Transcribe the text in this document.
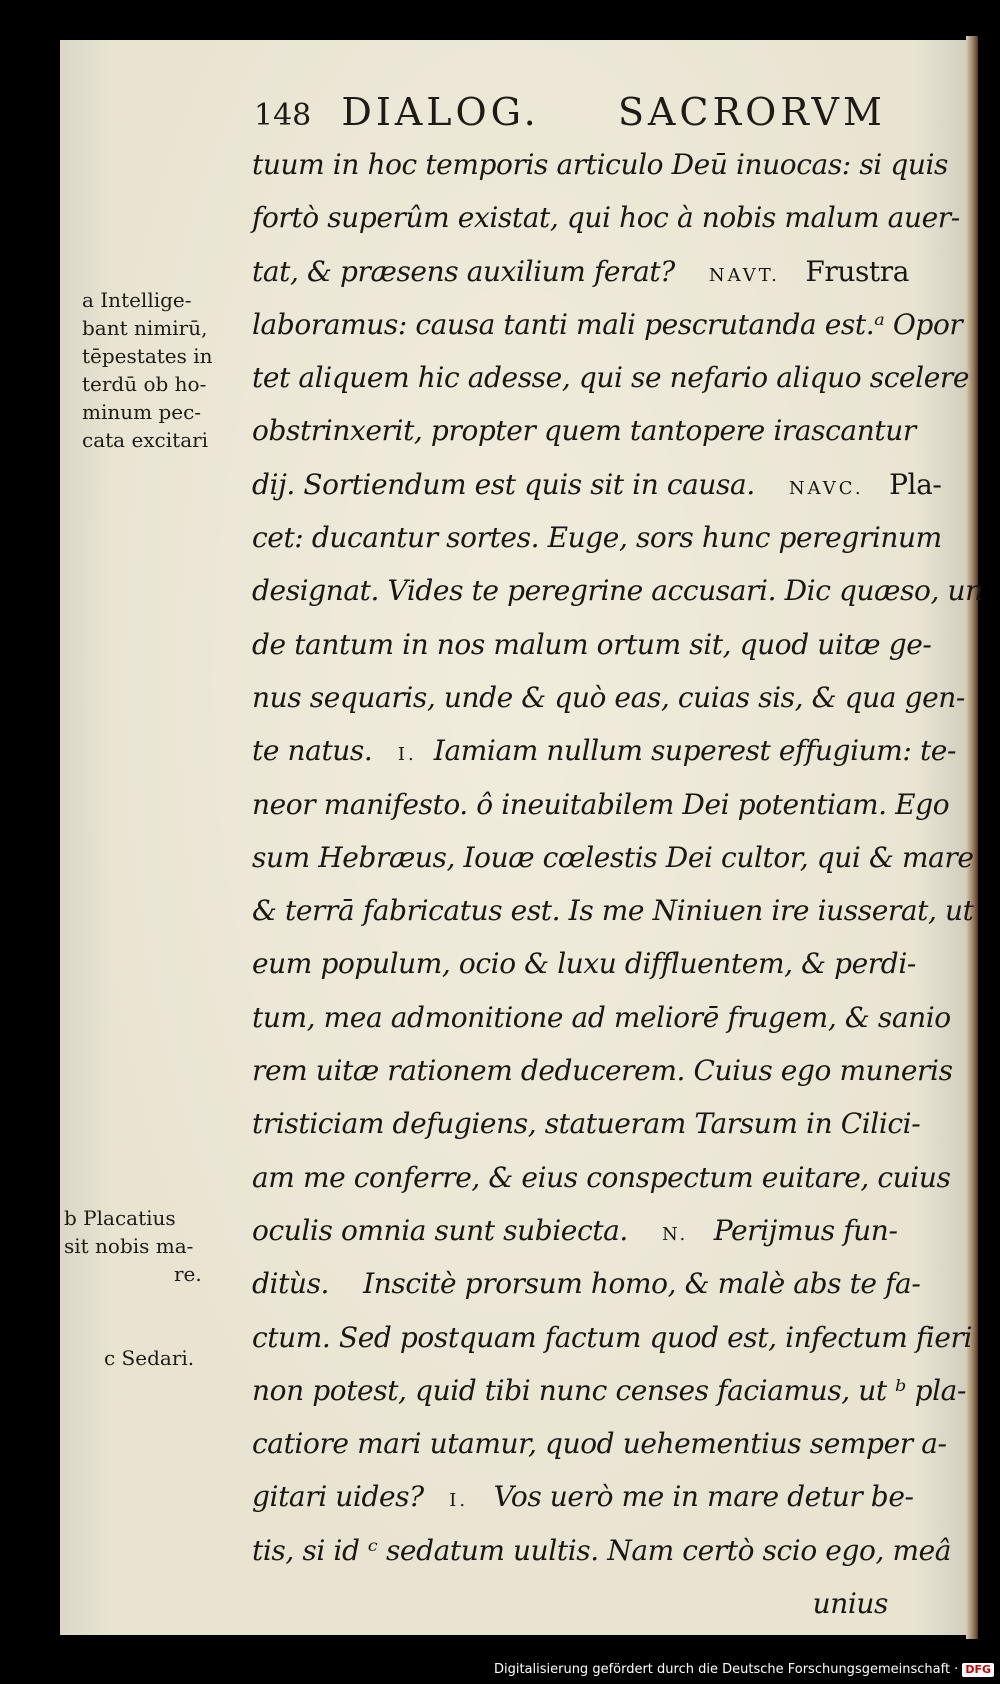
148 DIALOG. SACRORVM
tuum in hoc temporis articulo Deū inuocas: si quis
fortò superûm existat, qui hoc à nobis malum auer-
tat, & præsens auxilium ferat? NAVT. Frustra
laboramus: causa tanti mali pescrutanda est.ᵃ Opor
tet aliquem hic adesse, qui se nefario aliquo scelere
obstrinxerit, propter quem tantopere irascantur
dij. Sortiendum est quis sit in causa. NAVC. Pla-
cet: ducantur sortes. Euge, sors hunc peregrinum
designat. Vides te peregrine accusari. Dic quæso, un
de tantum in nos malum ortum sit, quod uitæ ge-
nus sequaris, unde & quò eas, cuias sis, & qua gen-
te natus. I. Iamiam nullum superest effugium: te-
neor manifesto. ô ineuitabilem Dei potentiam. Ego
sum Hebræus, Iouæ cœlestis Dei cultor, qui & mare
& terrā fabricatus est. Is me Niniuen ire iusserat, ut
eum populum, ocio & luxu diffluentem, & perdi-
tum, mea admonitione ad meliorē frugem, & sanio
rem uitæ rationem deducerem. Cuius ego muneris
tristiciam defugiens, statueram Tarsum in Cilici-
am me conferre, & eius conspectum euitare, cuius
oculis omnia sunt subiecta. N. Perijmus fun-
ditùs. Inscitè prorsum homo, & malè abs te fa-
ctum. Sed postquam factum quod est, infectum fieri
non potest, quid tibi nunc censes faciamus, ut ᵇ pla-
catiore mari utamur, quod uehementius semper a-
gitari uides? I. Vos uerò me in mare detur be-
tis, si id ᶜ sedatum uultis. Nam certò scio ego, meâ
unius
a Intellige-
bant nimirū,
tēpestates in
terdū ob ho-
minum pec-
cata excitari
b Placatius
sit nobis ma-
re.
c Sedari.
Digitalisierung gefördert durch die Deutsche Forschungsgemeinschaft · DFG
